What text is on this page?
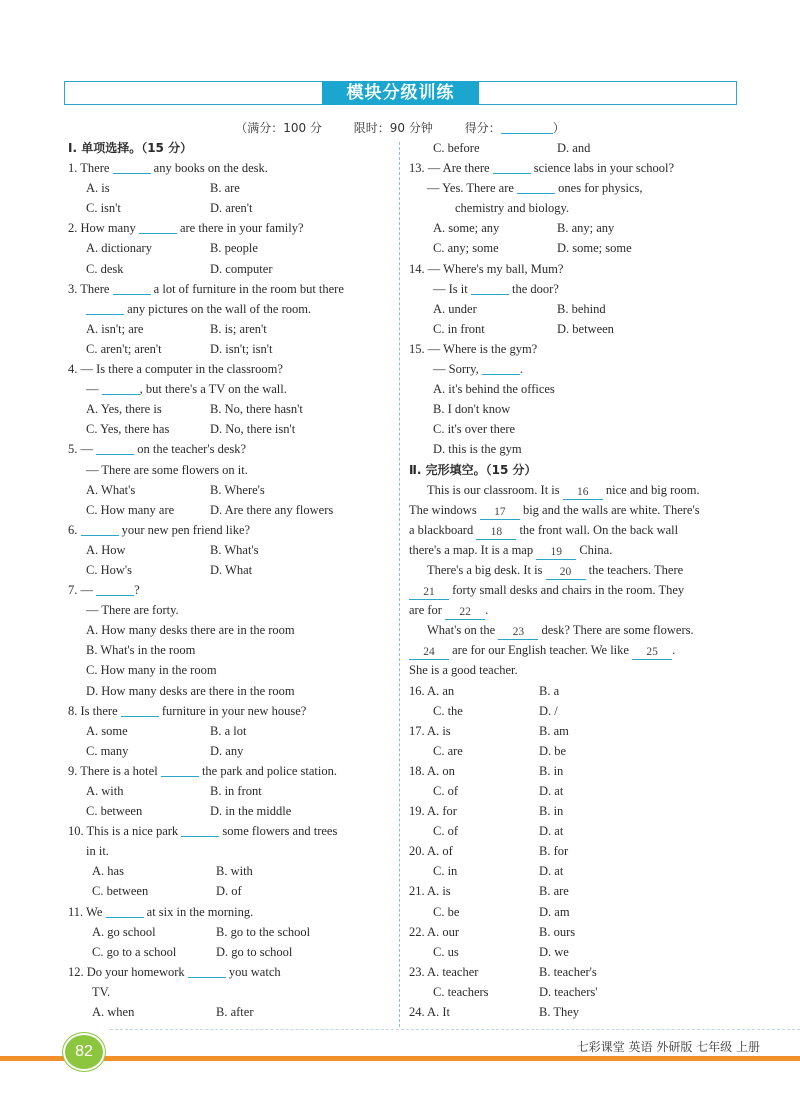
模块分级训练
（满分：100 分	限时：90 分钟	得分：	）
Ⅰ. 单项选择。（15 分）
1. There	any books on the desk.
A. is	B. are
C. isn't	D. aren't
2. How many	are there in your family?
A. dictionary	B. people
C. desk	D. computer
3. There	a lot of furniture in the room but there
any pictures on the wall of the room.
A. isn't; are	B. is; aren't
C. aren't; aren't	D. isn't; isn't
4. — Is there a computer in the classroom?
—	, but there's a TV on the wall.
A. Yes, there is	B. No, there hasn't
C. Yes, there has	D. No, there isn't
5. —	on the teacher's desk?
— There are some flowers on it.
A. What's	B. Where's
C. How many are	D. Are there any flowers
6.	your new pen friend like?
A. How	B. What's
C. How's	D. What
7. —	?
— There are forty.
A. How many desks there are in the room
B. What's in the room
C. How many in the room
D. How many desks are there in the room
8. Is there	furniture in your new house?
A. some	B. a lot
C. many	D. any
9. There is a hotel	the park and police station.
A. with	B. in front
C. between	D. in the middle
10. This is a nice park	some flowers and trees
in it.
A. has	B. with
C. between	D. of
11. We	at six in the morning.
A. go school	B. go to the school
C. go to a school	D. go to school
12. Do your homework	you watch
TV.
A. when	B. after
C. before	D. and
13. — Are there	science labs in your school?
— Yes. There are	ones for physics,
chemistry and biology.
A. some; any	B. any; any
C. any; some	D. some; some
14. — Where's my ball, Mum?
— Is it	the door?
A. under	B. behind
C. in front	D. between
15. — Where is the gym?
— Sorry,	.
A. it's behind the offices
B. I don't know
C. it's over there
D. this is the gym
Ⅱ. 完形填空。（15 分）
This is our classroom. It is 16 nice and big room.
The windows 17 big and the walls are white. There's
a blackboard 18 the front wall. On the back wall
there's a map. It is a map 19 China.
There's a big desk. It is 20 the teachers. There
21 forty small desks and chairs in the room. They
are for 22 .
What's on the 23 desk? There are some flowers.
24 are for our English teacher. We like 25 .
She is a good teacher.
16. A. an	B. a
C. the	D. /
17. A. is	B. am
C. are	D. be
18. A. on	B. in
C. of	D. at
19. A. for	B. in
C. of	D. at
20. A. of	B. for
C. in	D. at
21. A. is	B. are
C. be	D. am
22. A. our	B. ours
C. us	D. we
23. A. teacher	B. teacher's
C. teachers	D. teachers'
24. A. It	B. They
82	七彩课堂 英语 外研版 七年级 上册
